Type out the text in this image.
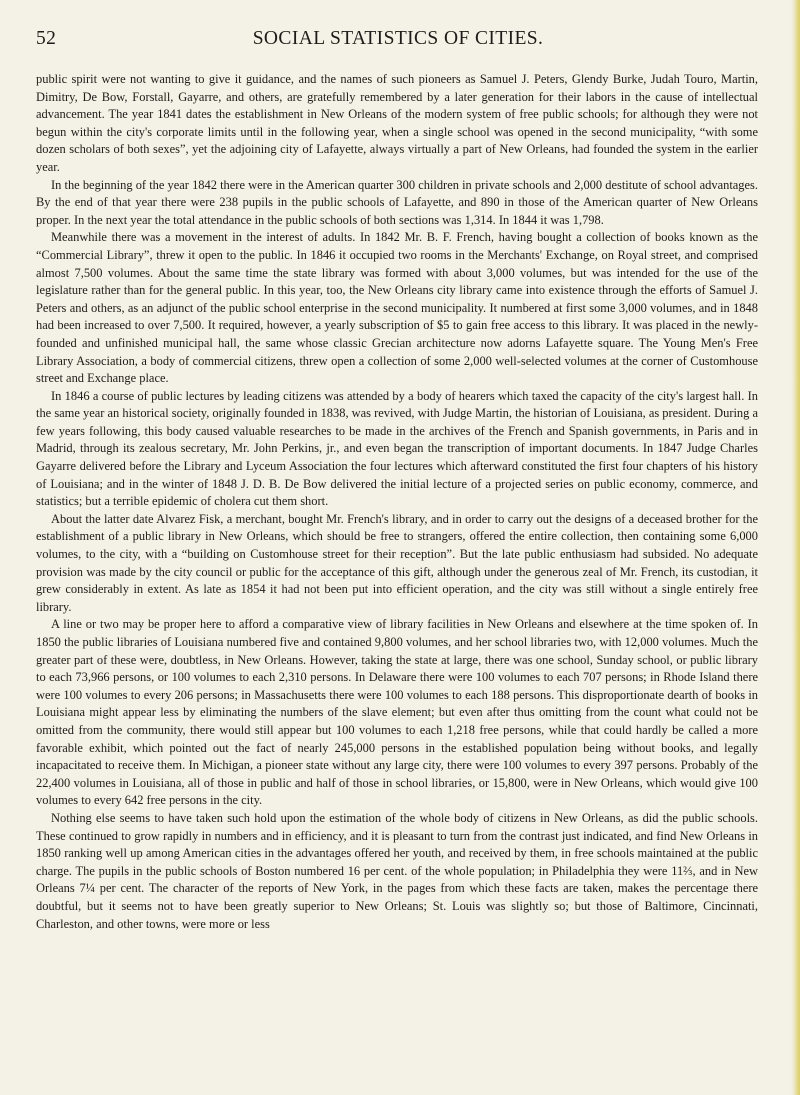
52	SOCIAL STATISTICS OF CITIES.

public spirit were not wanting to give it guidance, and the names of such pioneers as Samuel J. Peters, Glendy Burke, Judah Touro, Martin, Dimitry, De Bow, Forstall, Gayarre, and others, are gratefully remembered by a later generation for their labors in the cause of intellectual advancement. The year 1841 dates the establishment in New Orleans of the modern system of free public schools; for although they were not begun within the city's corporate limits until in the following year, when a single school was opened in the second municipality, “with some dozen scholars of both sexes”, yet the adjoining city of Lafayette, always virtually a part of New Orleans, had founded the system in the earlier year.

In the beginning of the year 1842 there were in the American quarter 300 children in private schools and 2,000 destitute of school advantages. By the end of that year there were 238 pupils in the public schools of Lafayette, and 890 in those of the American quarter of New Orleans proper. In the next year the total attendance in the public schools of both sections was 1,314. In 1844 it was 1,798.

Meanwhile there was a movement in the interest of adults. In 1842 Mr. B. F. French, having bought a collection of books known as the “Commercial Library”, threw it open to the public. In 1846 it occupied two rooms in the Merchants' Exchange, on Royal street, and comprised almost 7,500 volumes. About the same time the state library was formed with about 3,000 volumes, but was intended for the use of the legislature rather than for the general public. In this year, too, the New Orleans city library came into existence through the efforts of Samuel J. Peters and others, as an adjunct of the public school enterprise in the second municipality. It numbered at first some 3,000 volumes, and in 1848 had been increased to over 7,500. It required, however, a yearly subscription of $5 to gain free access to this library. It was placed in the newly-founded and unfinished municipal hall, the same whose classic Grecian architecture now adorns Lafayette square. The Young Men's Free Library Association, a body of commercial citizens, threw open a collection of some 2,000 well-selected volumes at the corner of Customhouse street and Exchange place.

In 1846 a course of public lectures by leading citizens was attended by a body of hearers which taxed the capacity of the city's largest hall. In the same year an historical society, originally founded in 1838, was revived, with Judge Martin, the historian of Louisiana, as president. During a few years following, this body caused valuable researches to be made in the archives of the French and Spanish governments, in Paris and in Madrid, through its zealous secretary, Mr. John Perkins, jr., and even began the transcription of important documents. In 1847 Judge Charles Gayarre delivered before the Library and Lyceum Association the four lectures which afterward constituted the first four chapters of his history of Louisiana; and in the winter of 1848 J. D. B. De Bow delivered the initial lecture of a projected series on public economy, commerce, and statistics; but a terrible epidemic of cholera cut them short.

About the latter date Alvarez Fisk, a merchant, bought Mr. French's library, and in order to carry out the designs of a deceased brother for the establishment of a public library in New Orleans, which should be free to strangers, offered the entire collection, then containing some 6,000 volumes, to the city, with a “building on Customhouse street for their reception”. But the late public enthusiasm had subsided. No adequate provision was made by the city council or public for the acceptance of this gift, although under the generous zeal of Mr. French, its custodian, it grew considerably in extent. As late as 1854 it had not been put into efficient operation, and the city was still without a single entirely free library.

A line or two may be proper here to afford a comparative view of library facilities in New Orleans and elsewhere at the time spoken of. In 1850 the public libraries of Louisiana numbered five and contained 9,800 volumes, and her school libraries two, with 12,000 volumes. Much the greater part of these were, doubtless, in New Orleans. However, taking the state at large, there was one school, Sunday school, or public library to each 73,966 persons, or 100 volumes to each 2,310 persons. In Delaware there were 100 volumes to each 707 persons; in Rhode Island there were 100 volumes to every 206 persons; in Massachusetts there were 100 volumes to each 188 persons. This disproportionate dearth of books in Louisiana might appear less by eliminating the numbers of the slave element; but even after thus omitting from the count what could not be omitted from the community, there would still appear but 100 volumes to each 1,218 free persons, while that could hardly be called a more favorable exhibit, which pointed out the fact of nearly 245,000 persons in the established population being without books, and legally incapacitated to receive them. In Michigan, a pioneer state without any large city, there were 100 volumes to every 397 persons. Probably of the 22,400 volumes in Louisiana, all of those in public and half of those in school libraries, or 15,800, were in New Orleans, which would give 100 volumes to every 642 free persons in the city.

Nothing else seems to have taken such hold upon the estimation of the whole body of citizens in New Orleans, as did the public schools. These continued to grow rapidly in numbers and in efficiency, and it is pleasant to turn from the contrast just indicated, and find New Orleans in 1850 ranking well up among American cities in the advantages offered her youth, and received by them, in free schools maintained at the public charge. The pupils in the public schools of Boston numbered 16 per cent. of the whole population; in Philadelphia they were 11⅔, and in New Orleans 7¼ per cent. The character of the reports of New York, in the pages from which these facts are taken, makes the percentage there doubtful, but it seems not to have been greatly superior to New Orleans; St. Louis was slightly so; but those of Baltimore, Cincinnati, Charleston, and other towns, were more or less
